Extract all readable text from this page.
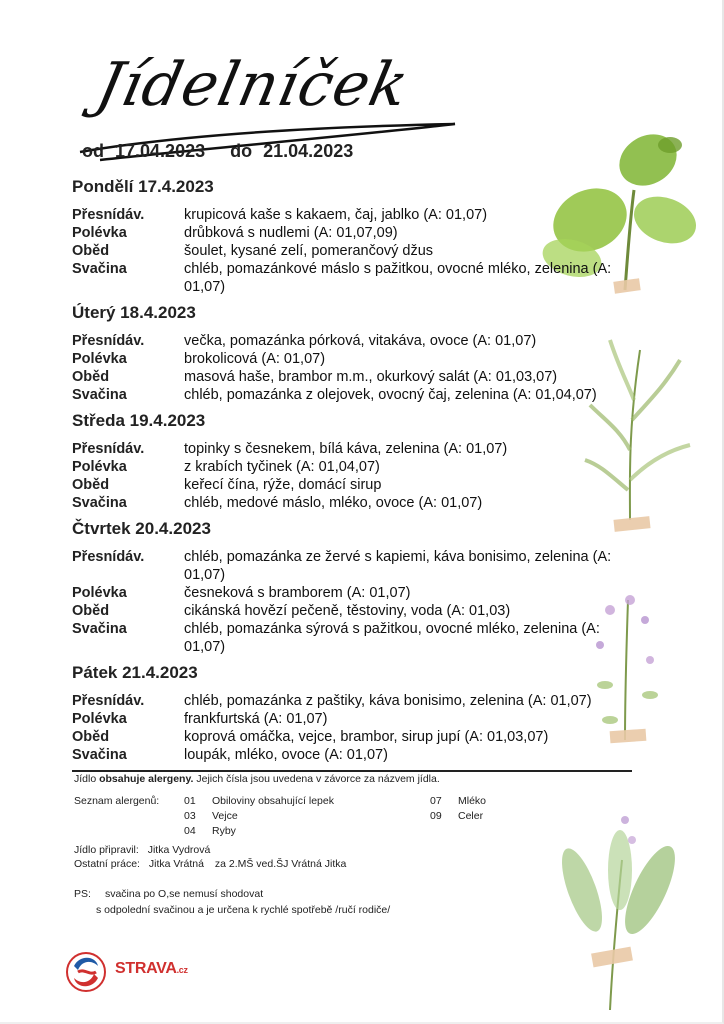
Jídelníček
od 17.04.2023 do 21.04.2023
Pondělí 17.4.2023
Přesnídáv.	krupicová kaše s kakaem, čaj, jablko (A: 01,07)
Polévka	drůbková s nudlemi (A: 01,07,09)
Oběd	šoulet, kysané zelí, pomerančový džus
Svačina	chléb, pomazánkové máslo s pažitkou, ovocné mléko, zelenina (A: 01,07)
Úterý 18.4.2023
Přesnídáv.	večka, pomazánka pórková, vitakáva, ovoce (A: 01,07)
Polévka	brokolicová (A: 01,07)
Oběd	masová haše, brambor m.m., okurkový salát (A: 01,03,07)
Svačina	chléb, pomazánka z olejovek, ovocný čaj, zelenina (A: 01,04,07)
Středa 19.4.2023
Přesnídáv.	topinky s česnekem, bílá káva, zelenina (A: 01,07)
Polévka	z krabích tyčinek (A: 01,04,07)
Oběd	keřecí čína, rýže, domácí sirup
Svačina	chléb, medové máslo, mléko, ovoce (A: 01,07)
Čtvrtek 20.4.2023
Přesnídáv.	chléb, pomazánka ze žervé s kapiemi, káva bonisimo, zelenina (A: 01,07)
Polévka	česneková s bramborem (A: 01,07)
Oběd	cikánská hovězí pečeně, těstoviny, voda (A: 01,03)
Svačina	chléb, pomazánka sýrová s pažitkou, ovocné mléko, zelenina (A: 01,07)
Pátek 21.4.2023
Přesnídáv.	chléb, pomazánka z paštiky, káva bonisimo, zelenina (A: 01,07)
Polévka	frankfurtská (A: 01,07)
Oběd	koprová omáčka, vejce, brambor, sirup jupí (A: 01,03,07)
Svačina	loupák, mléko, ovoce (A: 01,07)
Jídlo obsahuje alergeny. Jejich čísla jsou uvedena v závorce za názvem jídla.
Seznam alergenů: 01 Obiloviny obsahující lepek
03 Vejce
04 Ryby
07 Mléko
09 Celer
Jídlo připravil: Jitka Vydrová
Ostatní práce: Jitka Vrátná za 2.MŠ ved.ŠJ Vrátná Jitka
PS: svačina po O,se nemusí shodovat
s odpolední svačinou a je určena k rychlé spotřebě /ručí rodiče/
STRAVA.cz
